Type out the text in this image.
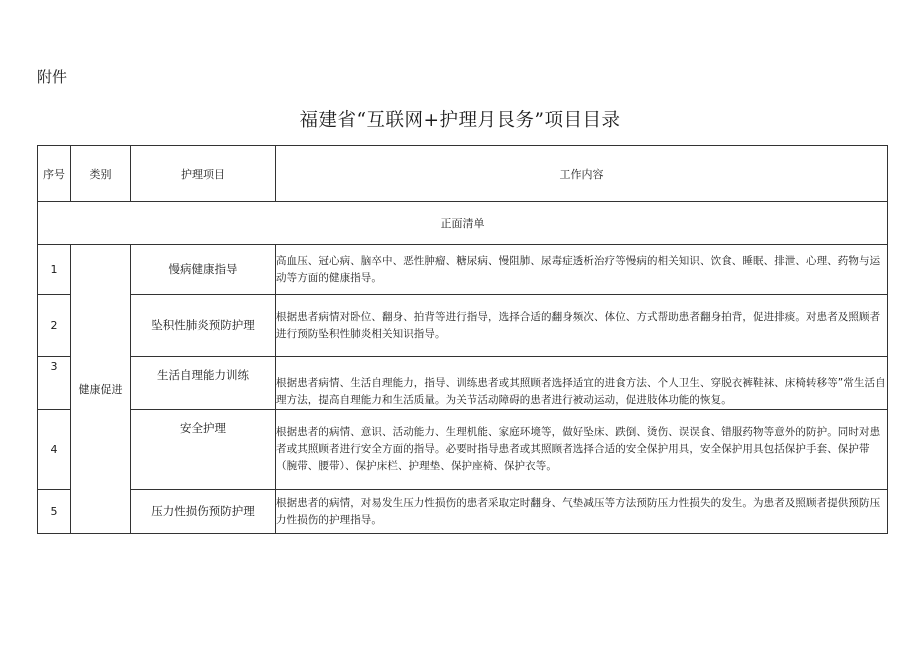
附件
福建省“互联网+护理月艮务”项目目录
序号	类别	护理项目	工作内容
正面清单			
1	健康促进	慢病健康指导	高血压、冠心病、脑卒中、恶性肿瘤、糖尿病、慢阻肺、尿毒症透析治疗等慢病的相关知识、饮食、睡眠、排泄、心理、药物与运动等方面的健康指导。
2		坠积性肺炎预防护理	根据患者病情对卧位、翻身、拍背等进行指导，选择合适的翻身频次、体位、方式帮助患者翻身拍背，促进排痰。对患者及照顾者进行预防坠积性肺炎相关知识指导。
3		生活自理能力训练	根据患者病情、生活自理能力，指导、训练患者或其照顾者选择适宜的进食方法、个人卫生、穿脱衣裤鞋袜、床椅转移等”常生活自理方法，提高自理能力和生活质量。为关节活动障碍的患者进行被动运动，促进肢体功能的恢复。
4		安全护理	根据患者的病情、意识、活动能力、生理机能、家庭环境等，做好坠床、跌倒、烫伤、误误食、错服药物等意外的防护。同时对患者或其照顾者进行安全方面的指导。必要时指导患者或其照顾者选择合适的安全保护用具，安全保护用具包括保护手套、保护带（腕带、腰带）、保护床栏、护理垫、保护座椅、保护衣等。
5		压力性损伤预防护理	根据患者的病情，对易发生压力性损伤的患者采取定时翻身、气垫减压等方法预防压力性损失的发生。为患者及照顾者提供预防压力性损伤的护理指导。
